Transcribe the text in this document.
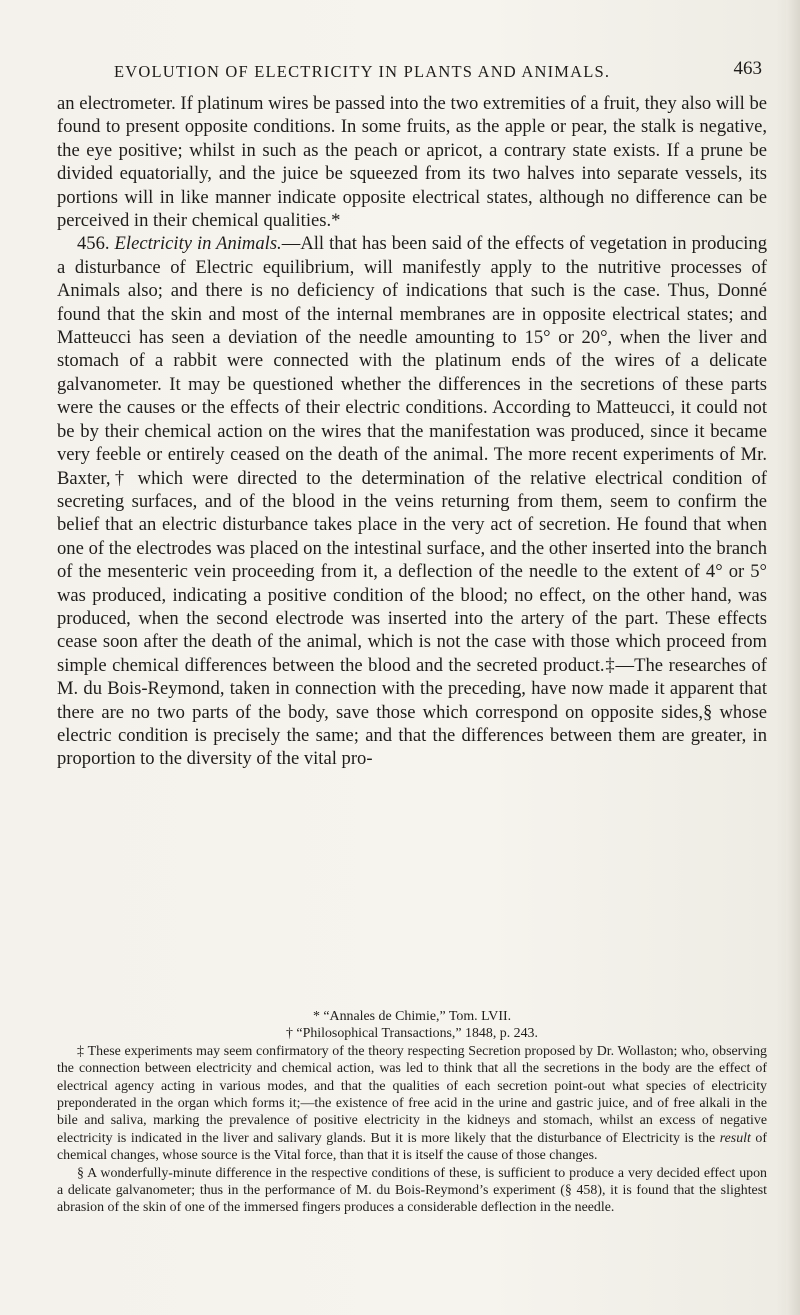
EVOLUTION OF ELECTRICITY IN PLANTS AND ANIMALS.	463

an electrometer. If platinum wires be passed into the two extremities of a fruit, they also will be found to present opposite conditions. In some fruits, as the apple or pear, the stalk is negative, the eye positive; whilst in such as the peach or apricot, a contrary state exists. If a prune be divided equatorially, and the juice be squeezed from its two halves into separate vessels, its portions will in like manner indicate opposite electrical states, although no difference can be perceived in their chemical qualities.*

456. Electricity in Animals.—All that has been said of the effects of vegetation in producing a disturbance of Electric equilibrium, will manifestly apply to the nutritive processes of Animals also; and there is no deficiency of indications that such is the case. Thus, Donné found that the skin and most of the internal membranes are in opposite electrical states; and Matteucci has seen a deviation of the needle amounting to 15° or 20°, when the liver and stomach of a rabbit were connected with the platinum ends of the wires of a delicate galvanometer. It may be questioned whether the differences in the secretions of these parts were the causes or the effects of their electric conditions. According to Matteucci, it could not be by their chemical action on the wires that the manifestation was produced, since it became very feeble or entirely ceased on the death of the animal. The more recent experiments of Mr. Baxter,† which were directed to the determination of the relative electrical condition of secreting surfaces, and of the blood in the veins returning from them, seem to confirm the belief that an electric disturbance takes place in the very act of secretion. He found that when one of the electrodes was placed on the intestinal surface, and the other inserted into the branch of the mesenteric vein proceeding from it, a deflection of the needle to the extent of 4° or 5° was produced, indicating a positive condition of the blood; no effect, on the other hand, was produced, when the second electrode was inserted into the artery of the part. These effects cease soon after the death of the animal, which is not the case with those which proceed from simple chemical differences between the blood and the secreted product.‡—The researches of M. du Bois-Reymond, taken in connection with the preceding, have now made it apparent that there are no two parts of the body, save those which correspond on opposite sides,§ whose electric condition is precisely the same; and that the differences between them are greater, in proportion to the diversity of the vital pro-

* “Annales de Chimie,” Tom. LVII.

† “Philosophical Transactions,” 1848, p. 243.

‡ These experiments may seem confirmatory of the theory respecting Secretion proposed by Dr. Wollaston; who, observing the connection between electricity and chemical action, was led to think that all the secretions in the body are the effect of electrical agency acting in various modes, and that the qualities of each secretion point-out what species of electricity preponderated in the organ which forms it;—the existence of free acid in the urine and gastric juice, and of free alkali in the bile and saliva, marking the prevalence of positive electricity in the kidneys and stomach, whilst an excess of negative electricity is indicated in the liver and salivary glands. But it is more likely that the disturbance of Electricity is the result of chemical changes, whose source is the Vital force, than that it is itself the cause of those changes.

§ A wonderfully-minute difference in the respective conditions of these, is sufficient to produce a very decided effect upon a delicate galvanometer; thus in the performance of M. du Bois-Reymond’s experiment (§ 458), it is found that the slightest abrasion of the skin of one of the immersed fingers produces a considerable deflection in the needle.
